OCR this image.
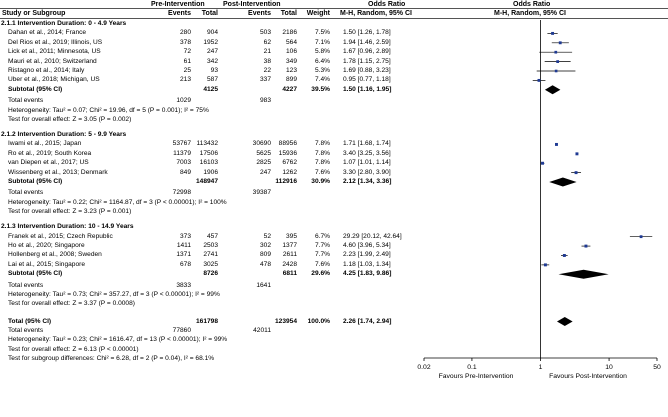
Pre-Intervention	Post-Intervention	Odds Ratio	Odds Ratio
Study or Subgroup	Events Total	Events Total Weight M-H, Random, 95% CI	M-H, Random, 95% CI
2.1.1 Intervention Duration: 0 - 4.9 Years
Dahan et al., 2014; France	280 904	503 2186	7.5% 1.50 [1.26, 1.78]
Del Rios et al., 2019; Illinois, US	378 1952	62 564	7.1% 1.94 [1.46, 2.59]
Lick et al., 2011; Minnesota, US	72 247	21 106	5.8% 1.67 [0.96, 2.89]
Mauri et al., 2010; Switzerland	61 342	38 349	6.4% 1.78 [1.15, 2.75]
Ristagno et al., 2014; Italy	25	93	22 123	5.3% 1.69 [0.88, 3.23]
Uber et al., 2018; Michigan, US	213 587	337 899	7.4% 0.95 [0.77, 1.18]
Subtotal (95% CI)	4125	4227 39.5% 1.50 [1.16, 1.95]
Total events	1029	983
Heterogeneity: Tau² = 0.07; Chi² = 19.96, df = 5 (P = 0.001); I² = 75%
Test for overall effect: Z = 3.05 (P = 0.002)
2.1.2 Intervention Duration: 5 - 9.9 Years
Iwami et al., 2015; Japan	53767 113432	30690 88956	7.8% 1.71 [1.68, 1.74]
Ro et al., 2019; South Korea	11379 17506	5625 15936	7.8% 3.40 [3.25, 3.56]
van Diepen et al., 2017; US	7003 16103	2825 6762	7.8% 1.07 [1.01, 1.14]
Wissenberg et al., 2013; Denmark	849 1906	247 1262	7.6% 3.30 [2.80, 3.90]
Subtotal (95% CI)	148947	112916 30.9% 2.12 [1.34, 3.36]
Total events	72998	39387
Heterogeneity: Tau² = 0.22; Chi² = 1164.87, df = 3 (P < 0.00001); I² = 100%
Test for overall effect: Z = 3.23 (P = 0.001)
2.1.3 Intervention Duration: 10 - 14.9 Years
Franek et al., 2015; Czech Republic	373 457	52 395	6.7% 29.29 [20.12, 42.64]
Ho et al., 2020; Singapore	1411 2503	302 1377	7.7% 4.60 [3.96, 5.34]
Hollenberg et al., 2008; Sweden	1371 2741	809 2611	7.7% 2.23 [1.99, 2.49]
Lai et al., 2015; Singapore	678 3025	478 2428	7.6% 1.18 [1.03, 1.34]
Subtotal (95% CI)	8726	6811 29.6% 4.25 [1.83, 9.86]
Total events	3833	1641
Heterogeneity: Tau² = 0.73; Chi² = 357.27, df = 3 (P < 0.00001); I² = 99%
Test for overall effect: Z = 3.37 (P = 0.0008)
Total (95% CI)	161798	123954 100.0% 2.26 [1.74, 2.94]
Total events	77860	42011
Heterogeneity: Tau² = 0.23; Chi² = 1616.47, df = 13 (P < 0.00001); I² = 99%
Test for overall effect: Z = 6.13 (P < 0.00001)
Test for subgroup differences: Chi² = 6.28, df = 2 (P = 0.04), I² = 68.1%
0.02	0.1	1	10	50
Favours Pre-Intervention	Favours Post-Intervention
